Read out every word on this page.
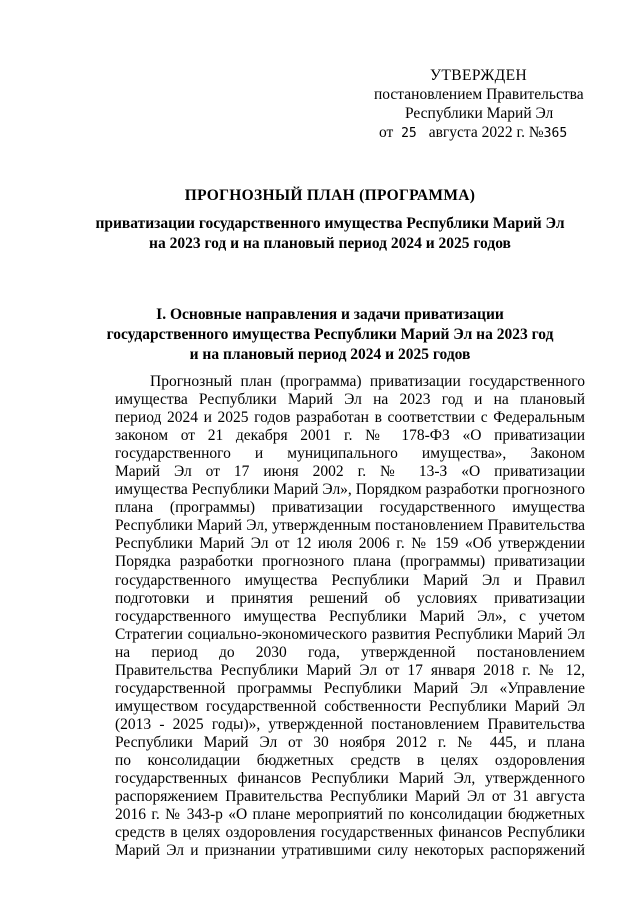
УТВЕРЖДЕН
постановлением Правительства
Республики Марий Эл
от 25 августа 2022 г. №365
ПРОГНОЗНЫЙ ПЛАН (ПРОГРАММА)
приватизации государственного имущества Республики Марий Эл
на 2023 год и на плановый период 2024 и 2025 годов
I. Основные направления и задачи приватизации
государственного имущества Республики Марий Эл на 2023 год
и на плановый период 2024 и 2025 годов
Прогнозный план (программа) приватизации государственного
имущества Республики Марий Эл на 2023 год и на плановый
период 2024 и 2025 годов разработан в соответствии с Федеральным
законом от 21 декабря 2001 г. № 178-ФЗ «О приватизации
государственного и муниципального имущества», Законом
Марий Эл от 17 июня 2002 г. № 13-З «О приватизации
имущества Республики Марий Эл», Порядком разработки прогнозного
плана (программы) приватизации государственного имущества
Республики Марий Эл, утвержденным постановлением Правительства
Республики Марий Эл от 12 июля 2006 г. № 159 «Об утверждении
Порядка разработки прогнозного плана (программы) приватизации
государственного имущества Республики Марий Эл и Правил
подготовки и принятия решений об условиях приватизации
государственного имущества Республики Марий Эл», с учетом
Стратегии социально-экономического развития Республики Марий Эл
на период до 2030 года, утвержденной постановлением
Правительства Республики Марий Эл от 17 января 2018 г. № 12,
государственной программы Республики Марий Эл «Управление
имуществом государственной собственности Республики Марий Эл
(2013 - 2025 годы)», утвержденной постановлением Правительства
Республики Марий Эл от 30 ноября 2012 г. № 445, и плана
по консолидации бюджетных средств в целях оздоровления
государственных финансов Республики Марий Эл, утвержденного
распоряжением Правительства Республики Марий Эл от 31 августа
2016 г. № 343-р «О плане мероприятий по консолидации бюджетных
средств в целях оздоровления государственных финансов Республики
Марий Эл и признании утратившими силу некоторых распоряжений
